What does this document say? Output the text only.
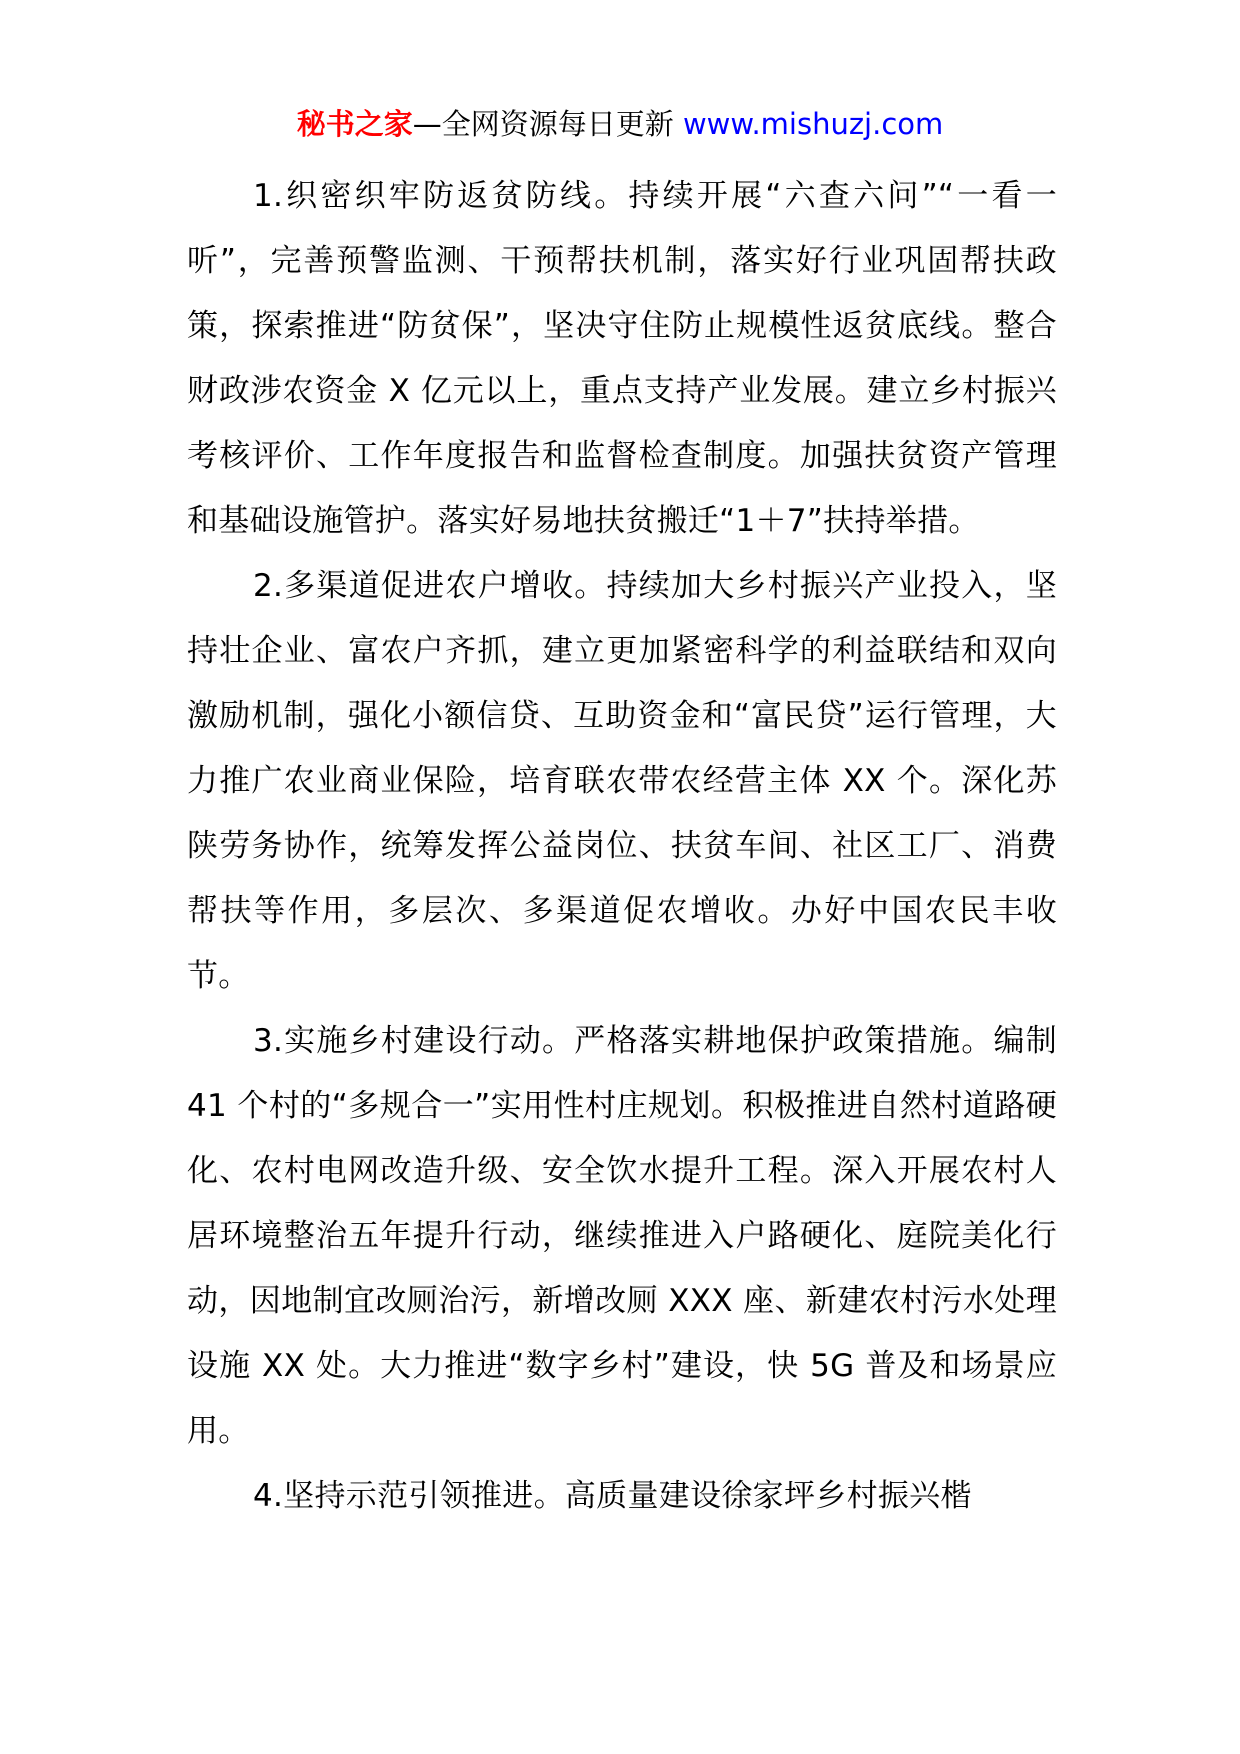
秘书之家—全网资源每日更新 www.mishuzj.com

1.织密织牢防返贫防线。持续开展“六查六问”“一看一听”，完善预警监测、干预帮扶机制，落实好行业巩固帮扶政策，探索推进“防贫保”，坚决守住防止规模性返贫底线。整合财政涉农资金 X 亿元以上，重点支持产业发展。建立乡村振兴考核评价、工作年度报告和监督检查制度。加强扶贫资产管理和基础设施管护。落实好易地扶贫搬迁“1＋7”扶持举措。

2.多渠道促进农户增收。持续加大乡村振兴产业投入，坚持壮企业、富农户齐抓，建立更加紧密科学的利益联结和双向激励机制，强化小额信贷、互助资金和“富民贷”运行管理，大力推广农业商业保险，培育联农带农经营主体 XX 个。深化苏陕劳务协作，统筹发挥公益岗位、扶贫车间、社区工厂、消费帮扶等作用，多层次、多渠道促农增收。办好中国农民丰收节。

3.实施乡村建设行动。严格落实耕地保护政策措施。编制 41 个村的“多规合一”实用性村庄规划。积极推进自然村道路硬化、农村电网改造升级、安全饮水提升工程。深入开展农村人居环境整治五年提升行动，继续推进入户路硬化、庭院美化行动，因地制宜改厕治污，新增改厕 XXX 座、新建农村污水处理设施 XX 处。大力推进“数字乡村”建设，快 5G 普及和场景应用。

4.坚持示范引领推进。高质量建设徐家坪乡村振兴楷
